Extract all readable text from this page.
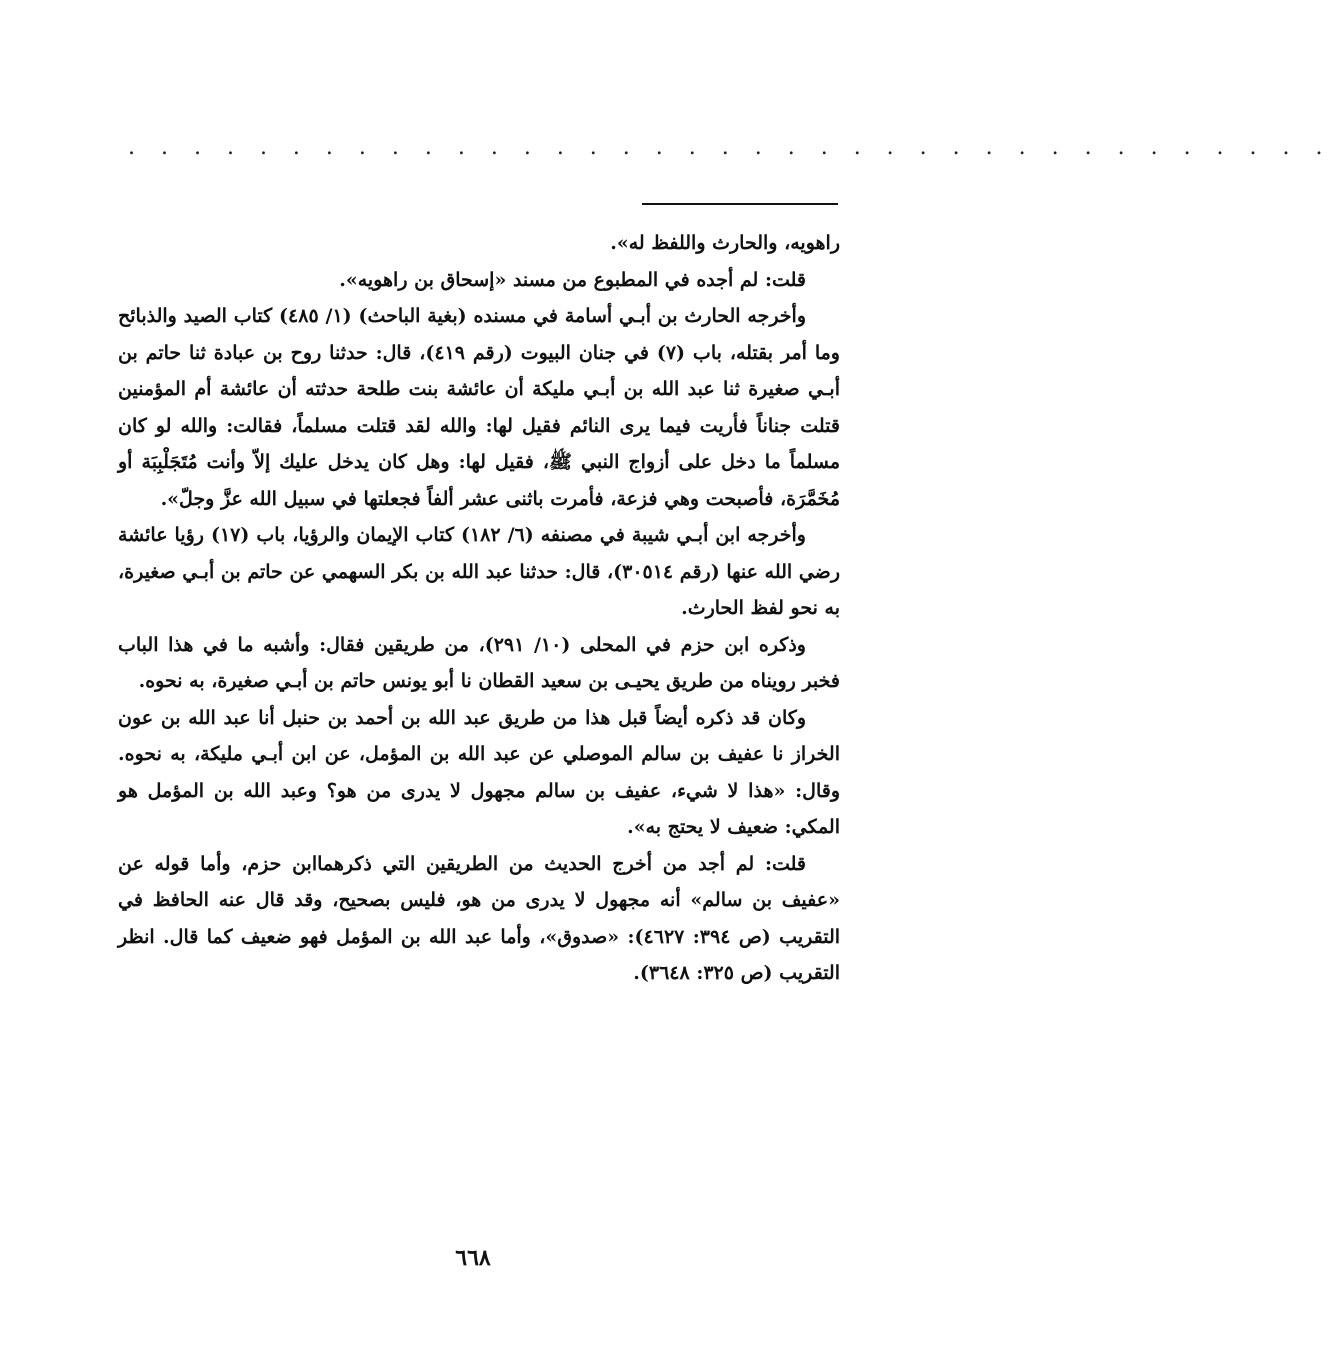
. . . . . . . . . . . . . . . . . . . . . . . . . . . . . . . . . . . . .

راهويه، والحارث واللفظ له».

قلت: لم أجده في المطبوع من مسند «إسحاق بن راهويه».

وأخرجه الحارث بن أبـي أسامة في مسنده (بغية الباحث) (١/ ٤٨٥) كتاب الصيد والذبائح وما أمر بقتله، باب (٧) في جنان البيوت (رقم ٤١٩)، قال: حدثنا روح بن عبادة ثنا حاتم بن أبـي صغيرة ثنا عبد الله بن أبـي مليكة أن عائشة بنت طلحة حدثته أن عائشة أم المؤمنين قتلت جناناً فأريت فيما يرى النائم فقيل لها: والله لقد قتلت مسلماً، فقالت: والله لو كان مسلماً ما دخل على أزواج النبي ﷺ، فقيل لها: وهل كان يدخل عليك إلاّ وأنت مُتَجَلْبِبَة أو مُخَمَّرَة، فأصبحت وهي فزعة، فأمرت باثنى عشر ألفاً فجعلتها في سبيل الله عزَّ وجلّ».

وأخرجه ابن أبـي شيبة في مصنفه (٦/ ١٨٢) كتاب الإيمان والرؤيا، باب (١٧) رؤيا عائشة رضي الله عنها (رقم ٣٠٥١٤)، قال: حدثنا عبد الله بن بكر السهمي عن حاتم بن أبـي صغيرة، به نحو لفظ الحارث.

وذكره ابن حزم في المحلى (١٠/ ٢٩١)، من طريقين فقال: وأشبه ما في هذا الباب فخبر رويناه من طريق يحيـى بن سعيد القطان نا أبو يونس حاتم بن أبـي صغيرة، به نحوه.

وكان قد ذكره أيضاً قبل هذا من طريق عبد الله بن أحمد بن حنبل أنا عبد الله بن عون الخراز نا عفيف بن سالم الموصلي عن عبد الله بن المؤمل، عن ابن أبـي مليكة، به نحوه. وقال: «هذا لا شيء، عفيف بن سالم مجهول لا يدرى من هو؟ وعبد الله بن المؤمل هو المكي: ضعيف لا يحتج به».

قلت: لم أجد من أخرج الحديث من الطريقين التي ذكرهماابن حزم، وأما قوله عن «عفيف بن سالم» أنه مجهول لا يدرى من هو، فليس بصحيح، وقد قال عنه الحافظ في التقريب (ص ٣٩٤: ٤٦٢٧): «صدوق»، وأما عبد الله بن المؤمل فهو ضعيف كما قال. انظر التقريب (ص ٣٢٥: ٣٦٤٨).

٦٦٨
